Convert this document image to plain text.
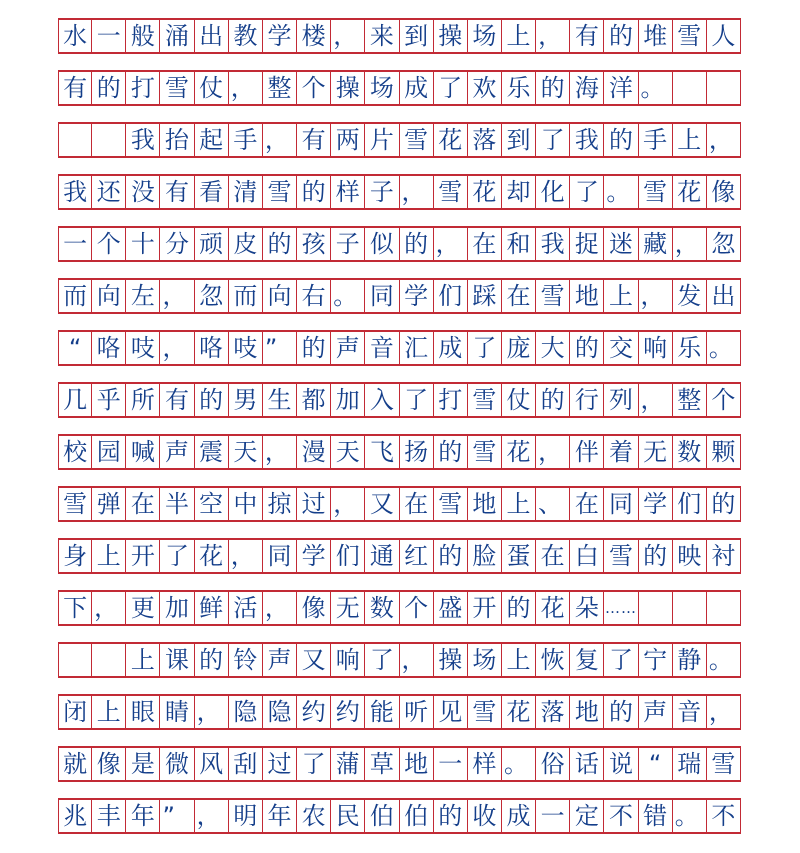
水 一 般 涌 出 教 学 楼 ， 来 到 操 场 上 ， 有 的 堆 雪 人
有 的 打 雪 仗 ， 整 个 操 场 成 了 欢 乐 的 海 洋 。
我 抬 起 手 ， 有 两 片 雪 花 落 到 了 我 的 手 上 ，
我 还 没 有 看 清 雪 的 样 子 ， 雪 花 却 化 了 。 雪 花 像
一 个 十 分 顽 皮 的 孩 子 似 的 ， 在 和 我 捉 迷 藏 ， 忽
而 向 左 ， 忽 而 向 右 。 同 学 们 踩 在 雪 地 上 ， 发 出
“ 咯 吱 ， 咯 吱 ”	的 声 音 汇 成 了 庞 大 的 交 响 乐 。
几 乎 所 有 的 男 生 都 加 入 了 打 雪 仗 的 行 列 ， 整 个
校 园 喊 声 震 天 ， 漫 天 飞 扬 的 雪 花 ， 伴 着 无 数 颗
雪 弹 在 半 空 中 掠 过 ， 又 在 雪 地 上 、 在 同 学 们 的
身 上 开 了 花 ， 同 学 们 通 红 的 脸 蛋 在 白 雪 的 映 衬
下 ， 更 加 鲜 活 ， 像 无 数 个 盛 开 的 花 朵 ……
上 课 的 铃 声 又 响 了 ， 操 场 上 恢 复 了 宁 静 。
闭 上 眼 睛 ， 隐 隐 约 约 能 听 见 雪 花 落 地 的 声 音 ，
就 像 是 微 风 刮 过 了 蒲 草 地 一 样 。 俗 话 说 “ 瑞 雪
兆 丰 年 ” ， 明 年 农 民 伯 伯 的 收 成 一 定 不 错 。 不
